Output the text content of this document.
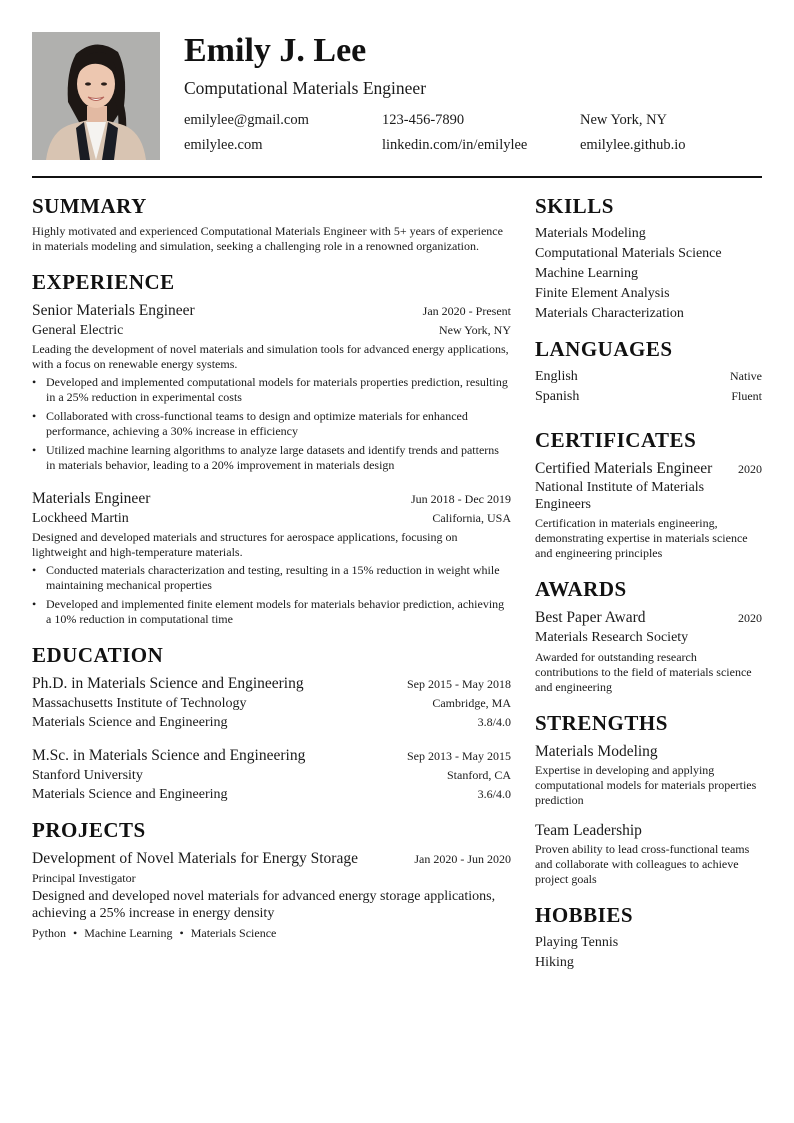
Emily J. Lee
Computational Materials Engineer
emilylee@gmail.com	123-456-7890	New York, NY
emilylee.com	linkedin.com/in/emilylee	emilylee.github.io
SUMMARY

Highly motivated and experienced Computational Materials Engineer with 5+ years of experience in materials modeling and simulation, seeking a challenging role in a renowned organization.

EXPERIENCE
Senior Materials Engineer	Jan 2020 - Present
General Electric	New York, NY

Leading the development of novel materials and simulation tools for advanced energy applications, with a focus on renewable energy systems.

• Developed and implemented computational models for materials properties prediction, resulting in a 25% reduction in experimental costs
• Collaborated with cross-functional teams to design and optimize materials for enhanced performance, achieving a 30% increase in efficiency
• Utilized machine learning algorithms to analyze large datasets and identify trends and patterns in materials behavior, leading to a 20% improvement in materials design
Materials Engineer	Jun 2018 - Dec 2019
Lockheed Martin	California, USA

Designed and developed materials and structures for aerospace applications, focusing on lightweight and high-temperature materials.

• Conducted materials characterization and testing, resulting in a 15% reduction in weight while maintaining mechanical properties
• Developed and implemented finite element models for materials behavior prediction, achieving a 10% reduction in computational time
EDUCATION
Ph.D. in Materials Science and Engineering	Sep 2015 - May 2018
Massachusetts Institute of Technology	Cambridge, MA
Materials Science and Engineering	3.8/4.0
M.Sc. in Materials Science and Engineering	Sep 2013 - May 2015
Stanford University	Stanford, CA
Materials Science and Engineering	3.6/4.0
PROJECTS
Development of Novel Materials for Energy Storage	Jan 2020 - Jun 2020
Principal Investigator

Designed and developed novel materials for advanced energy storage applications, achieving a 25% increase in energy density

Python • Machine Learning • Materials Science
SKILLS
Materials Modeling
Computational Materials Science
Machine Learning
Finite Element Analysis
Materials Characterization
LANGUAGES
English	Native
Spanish	Fluent
CERTIFICATES
Certified Materials Engineer 2020
National Institute of Materials Engineers

Certification in materials engineering, demonstrating expertise in materials science and engineering principles

AWARDS
Best Paper Award	2020
Materials Research Society

Awarded for outstanding research contributions to the field of materials science and engineering

STRENGTHS
Materials Modeling

Expertise in developing and applying computational models for materials properties prediction

Team Leadership

Proven ability to lead cross-functional teams and collaborate with colleagues to achieve project goals

HOBBIES
Playing Tennis
Hiking
